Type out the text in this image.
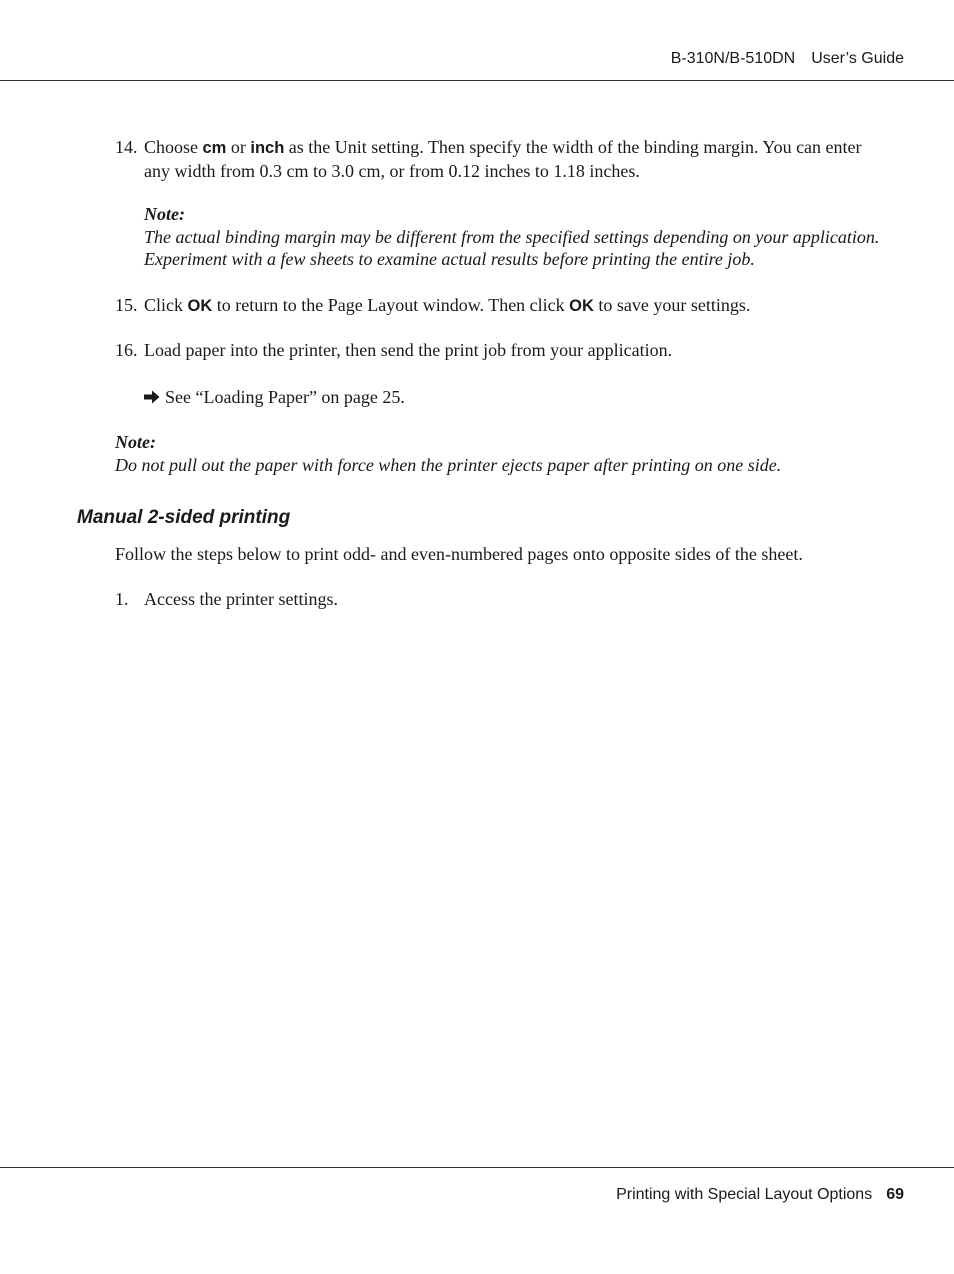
B-310N/B-510DN User’s Guide
14. Choose cm or inch as the Unit setting. Then specify the width of the binding margin. You can enter any width from 0.3 cm to 3.0 cm, or from 0.12 inches to 1.18 inches.
Note:
The actual binding margin may be different from the specified settings depending on your application. Experiment with a few sheets to examine actual results before printing the entire job.
15. Click OK to return to the Page Layout window. Then click OK to save your settings.
16. Load paper into the printer, then send the print job from your application.
See “Loading Paper” on page 25.
Note:
Do not pull out the paper with force when the printer ejects paper after printing on one side.
Manual 2-sided printing
Follow the steps below to print odd- and even-numbered pages onto opposite sides of the sheet.
1. Access the printer settings.
Printing with Special Layout Options 69
